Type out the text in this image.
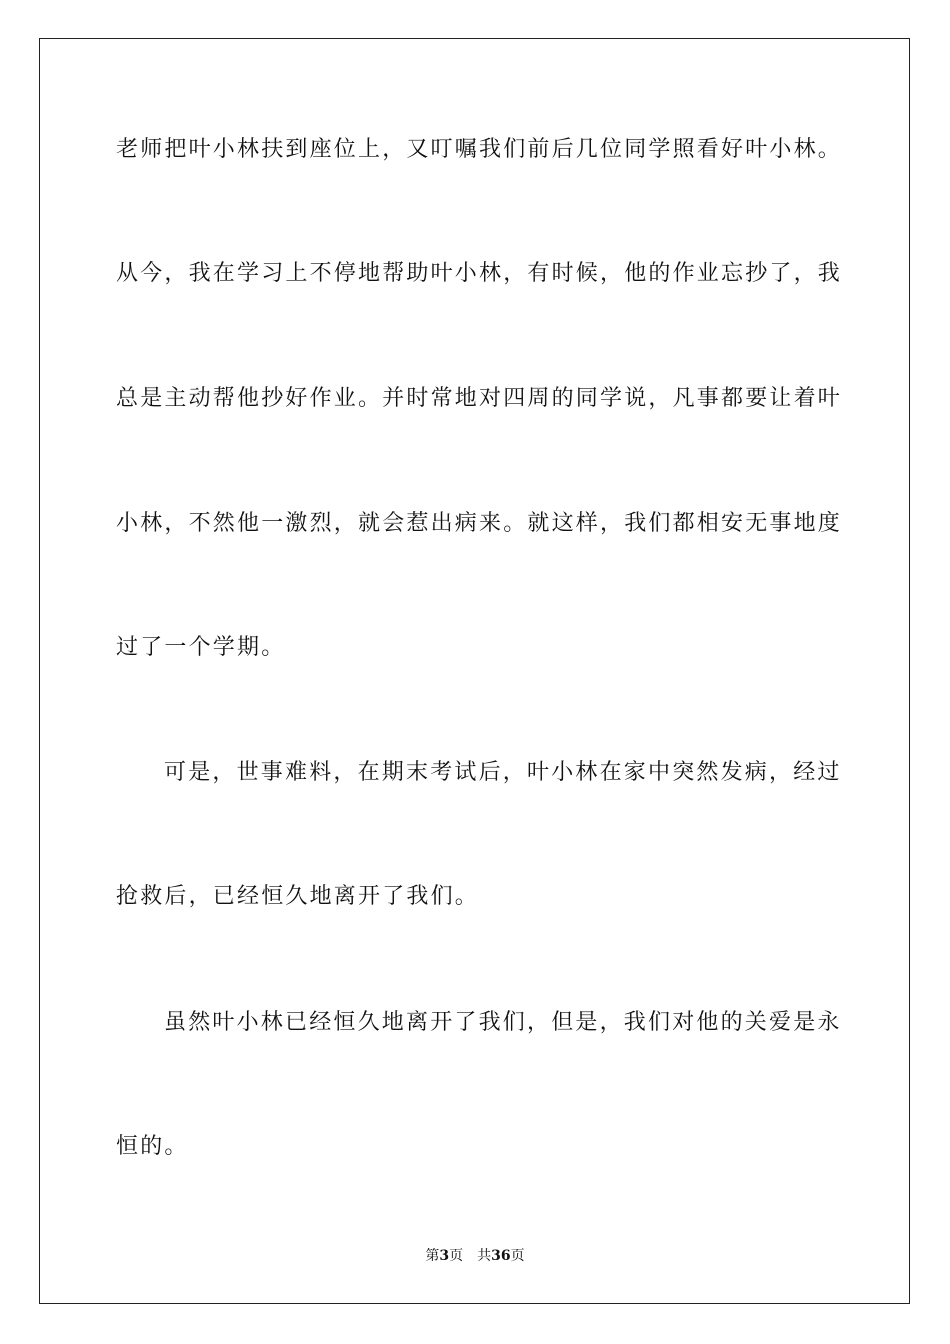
老师把叶小林扶到座位上，又叮嘱我们前后几位同学照看好叶小林。
从今，我在学习上不停地帮助叶小林，有时候，他的作业忘抄了，我
总是主动帮他抄好作业。并时常地对四周的同学说，凡事都要让着叶
小林，不然他一激烈，就会惹出病来。就这样，我们都相安无事地度
过了一个学期。
可是，世事难料，在期末考试后，叶小林在家中突然发病，经过
抢救后，已经恒久地离开了我们。
虽然叶小林已经恒久地离开了我们，但是，我们对他的关爱是永
恒的。
第3页 共36页
